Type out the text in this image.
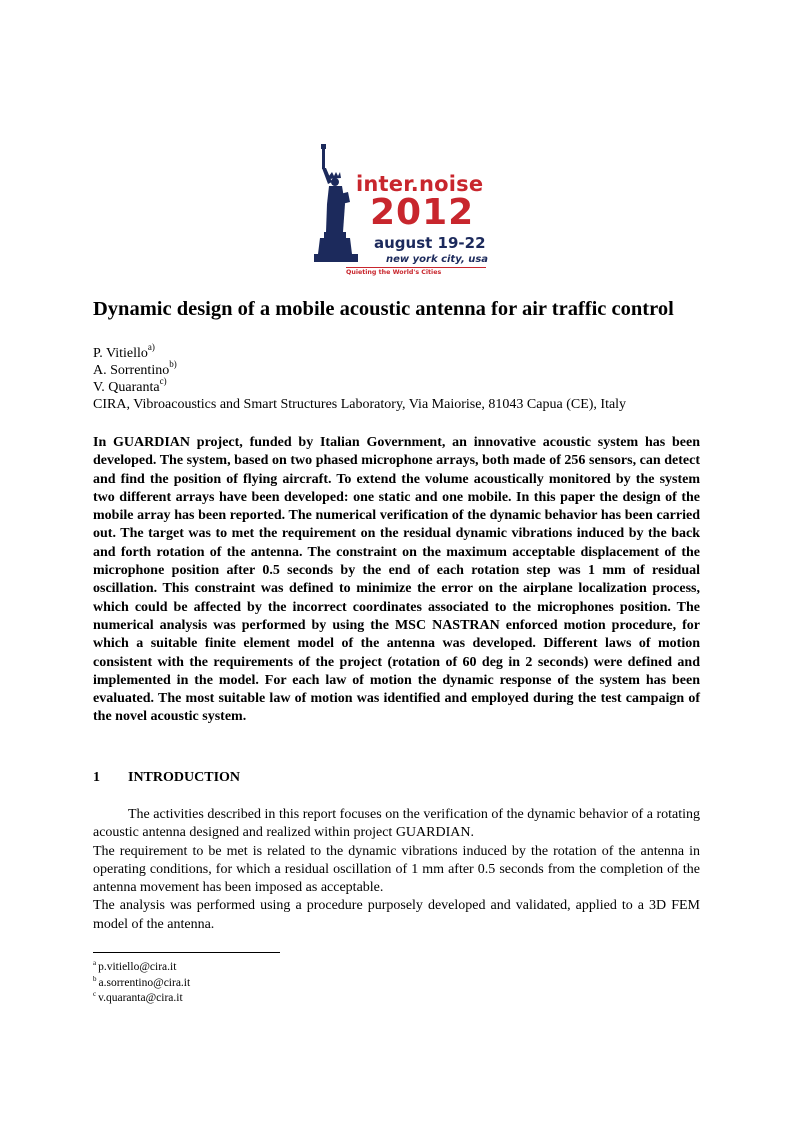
inter.noise
2012
august 19-22
new york city, usa
Quieting the World's Cities
Dynamic design of a mobile acoustic antenna for air traffic control
P. Vitiello$^{a)}$
A. Sorrentino$^{b)}$
V. Quaranta$^{c)}$
CIRA, Vibroacoustics and Smart Structures Laboratory, Via Maiorise, 81043 Capua (CE), Italy

In GUARDIAN project, funded by Italian Government, an innovative acoustic system has been developed. The system, based on two phased microphone arrays, both made of 256 sensors, can detect and find the position of flying aircraft. To extend the volume acoustically monitored by the system two different arrays have been developed: one static and one mobile. In this paper the design of the mobile array has been reported. The numerical verification of the dynamic behavior has been carried out. The target was to met the requirement on the residual dynamic vibrations induced by the back and forth rotation of the antenna. The constraint on the maximum acceptable displacement of the microphone position after 0.5 seconds by the end of each rotation step was 1 mm of residual oscillation. This constraint was defined to minimize the error on the airplane localization process, which could be affected by the incorrect coordinates associated to the microphones position. The numerical analysis was performed by using the MSC NASTRAN enforced motion procedure, for which a suitable finite element model of the antenna was developed. Different laws of motion consistent with the requirements of the project (rotation of 60 deg in 2 seconds) were defined and implemented in the model. For each law of motion the dynamic response of the system has been evaluated. The most suitable law of motion was identified and employed during the test campaign of the novel acoustic system.

1 INTRODUCTION

The activities described in this report focuses on the verification of the dynamic behavior of a rotating acoustic antenna designed and realized within project GUARDIAN.

The requirement to be met is related to the dynamic vibrations induced by the rotation of the antenna in operating conditions, for which a residual oscillation of 1 mm after 0.5 seconds from the completion of the antenna movement has been imposed as acceptable.

The analysis was performed using a procedure purposely developed and validated, applied to a 3D FEM model of the antenna.

$^a$ p.vitiello@cira.it
$^b$ a.sorrentino@cira.it
$^c$ v.quaranta@cira.it
